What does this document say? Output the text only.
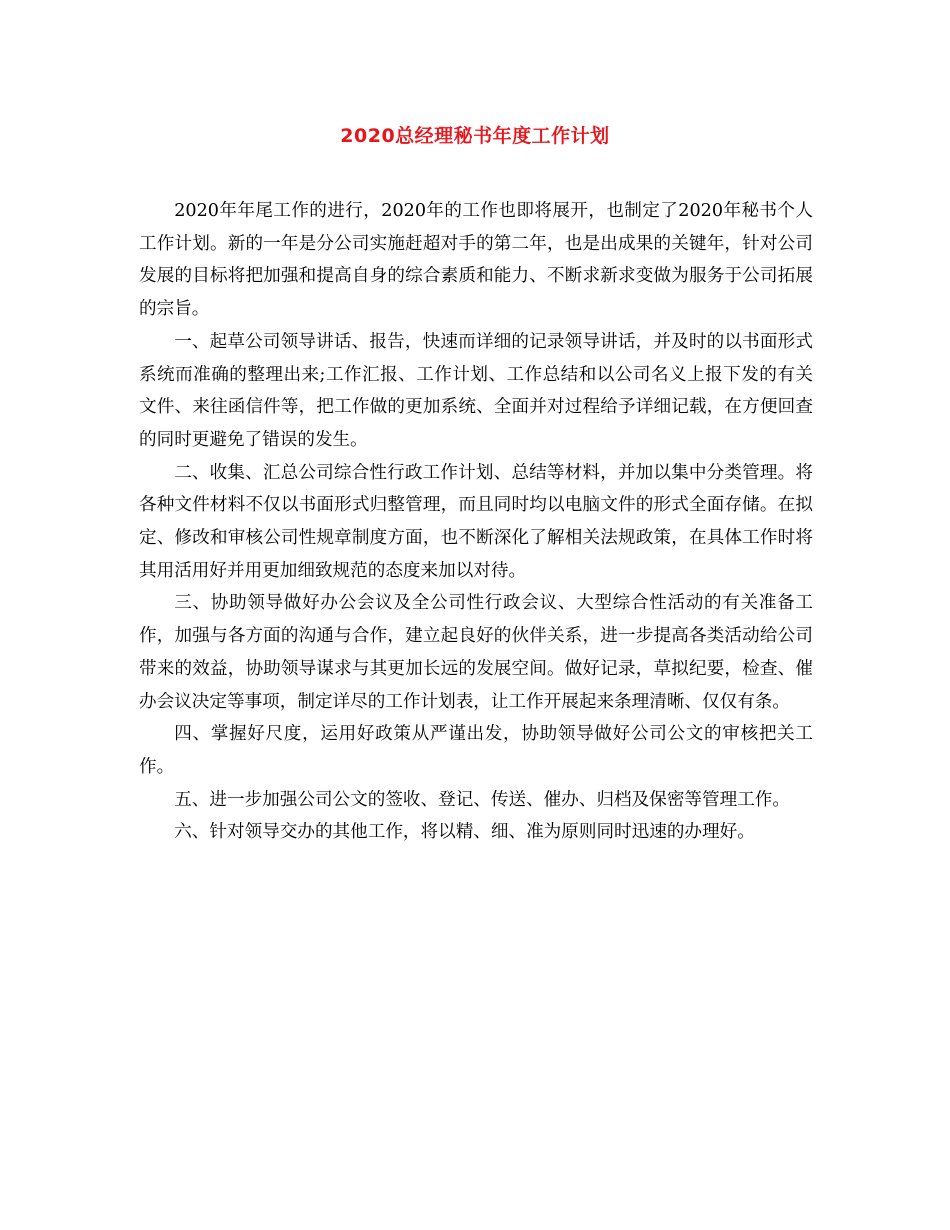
2020总经理秘书年度工作计划

2020年年尾工作的进行，2020年的工作也即将展开，也制定了2020年秘书个人工作计划。新的一年是分公司实施赶超对手的第二年，也是出成果的关键年，针对公司发展的目标将把加强和提高自身的综合素质和能力、不断求新求变做为服务于公司拓展的宗旨。

一、起草公司领导讲话、报告，快速而详细的记录领导讲话，并及时的以书面形式系统而准确的整理出来;工作汇报、工作计划、工作总结和以公司名义上报下发的有关文件、来往函信件等，把工作做的更加系统、全面并对过程给予详细记载，在方便回查的同时更避免了错误的发生。

二、收集、汇总公司综合性行政工作计划、总结等材料，并加以集中分类管理。将各种文件材料不仅以书面形式归整管理，而且同时均以电脑文件的形式全面存储。在拟定、修改和审核公司性规章制度方面，也不断深化了解相关法规政策，在具体工作时将其用活用好并用更加细致规范的态度来加以对待。

三、协助领导做好办公会议及全公司性行政会议、大型综合性活动的有关准备工作，加强与各方面的沟通与合作，建立起良好的伙伴关系，进一步提高各类活动给公司带来的效益，协助领导谋求与其更加长远的发展空间。做好记录，草拟纪要，检查、催办会议决定等事项，制定详尽的工作计划表，让工作开展起来条理清晰、仅仅有条。

四、掌握好尺度，运用好政策从严谨出发，协助领导做好公司公文的审核把关工作。

五、进一步加强公司公文的签收、登记、传送、催办、归档及保密等管理工作。

六、针对领导交办的其他工作，将以精、细、准为原则同时迅速的办理好。
